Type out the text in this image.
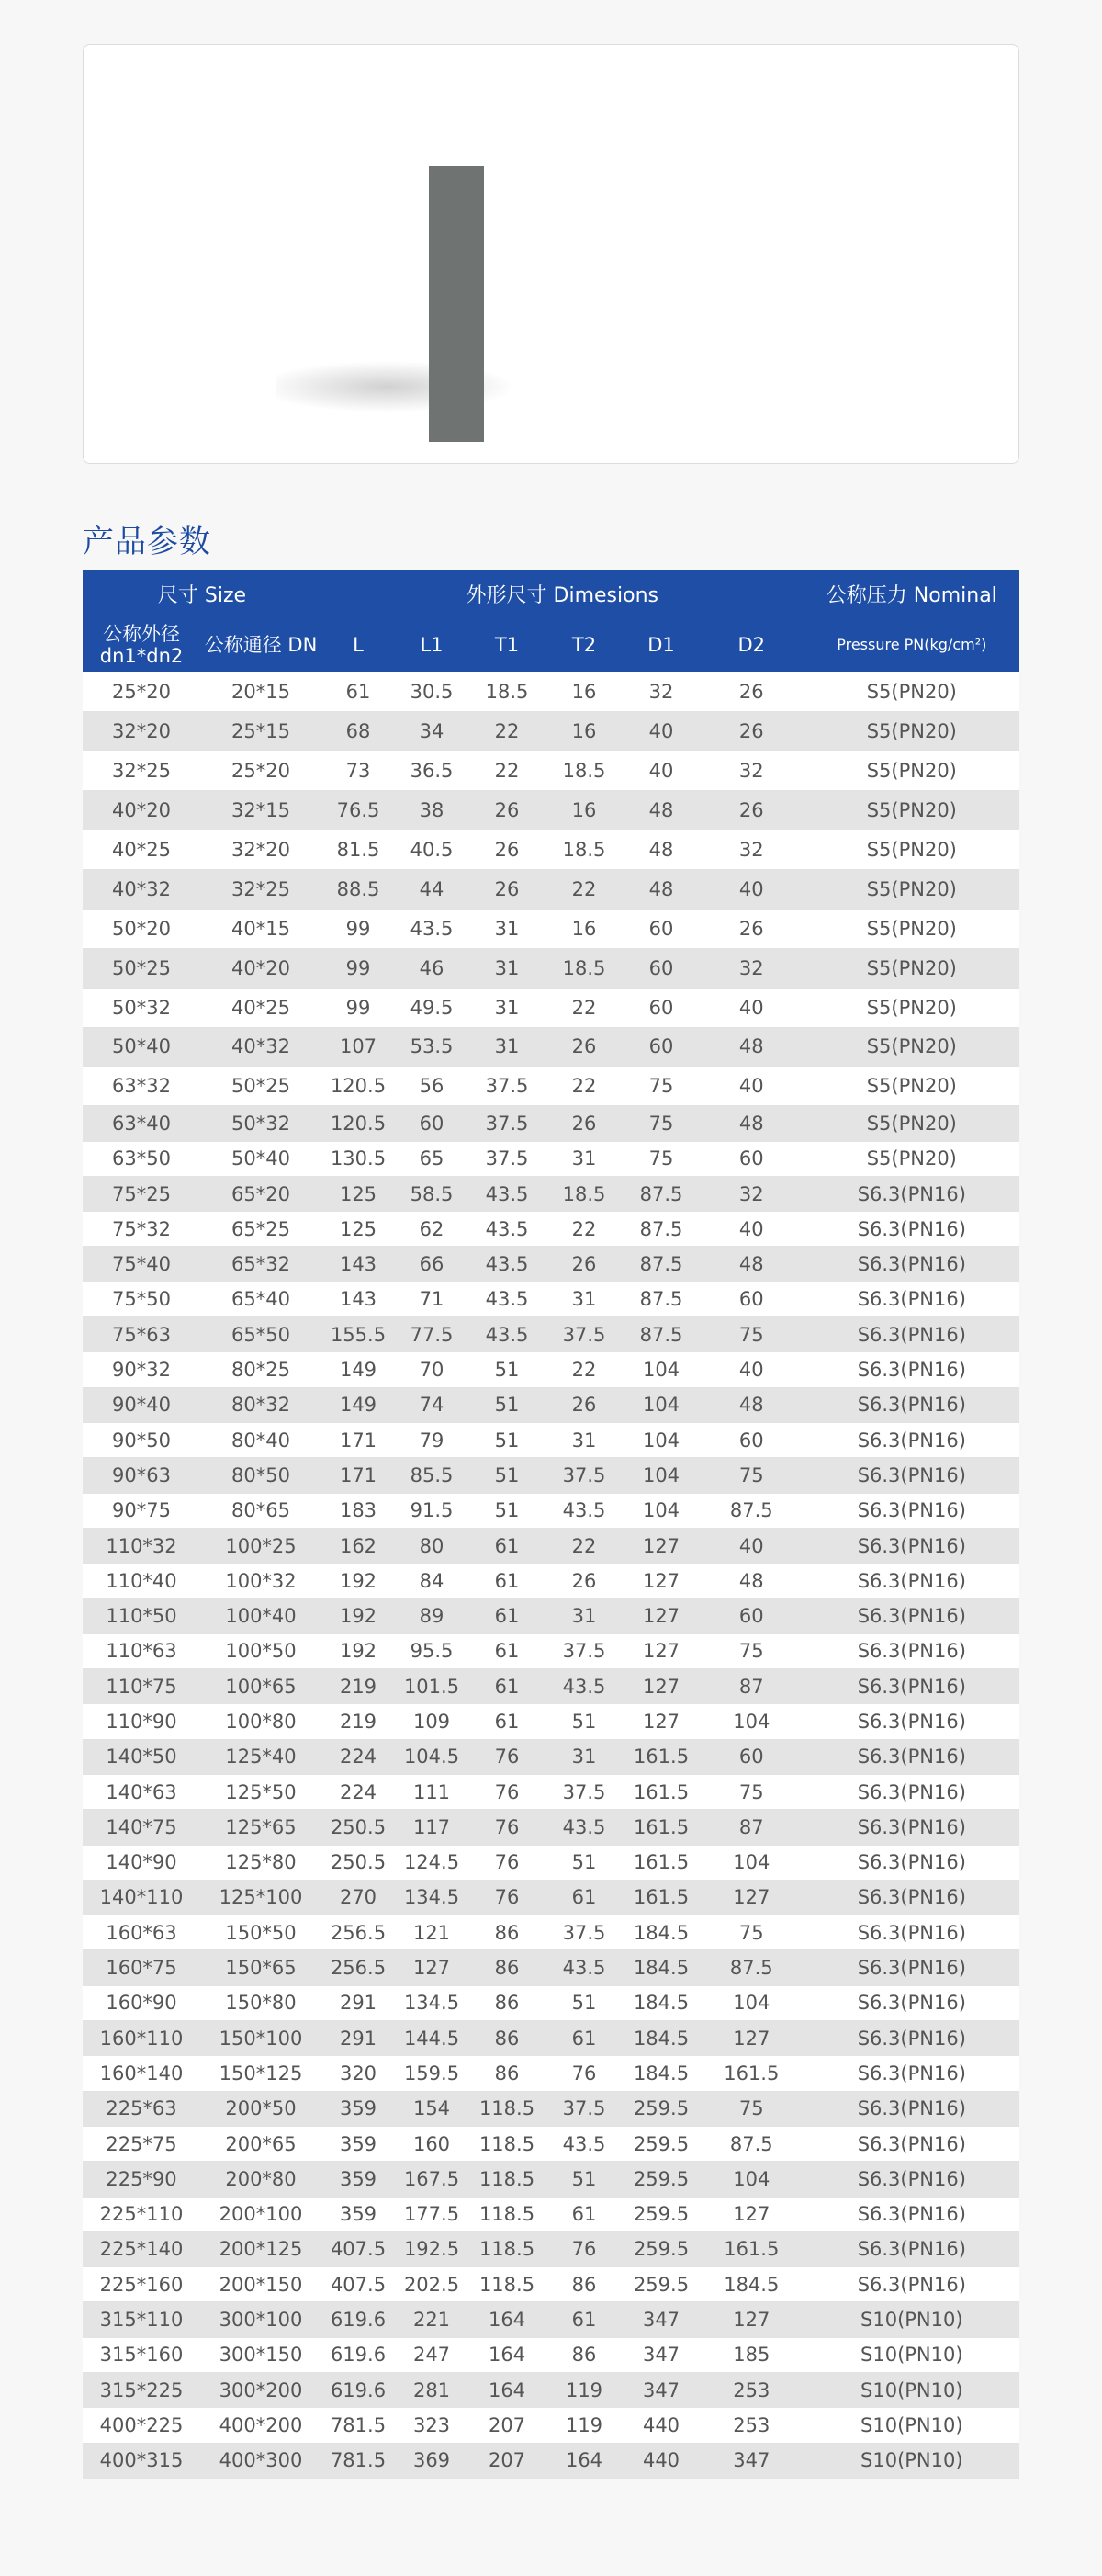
产品参数
尺寸 Size		外形尺寸 Dimesions						公称压力 Nominal
公称外径 dn1*dn2	公称通径 DN	L	L1	T1	T2	D1	D2	Pressure PN(kg/cm²)
25*20	20*15	61	30.5	18.5	16	32	26	S5(PN20)
32*20	25*15	68	34	22	16	40	26	S5(PN20)
32*25	25*20	73	36.5	22	18.5	40	32	S5(PN20)
40*20	32*15	76.5	38	26	16	48	26	S5(PN20)
40*25	32*20	81.5	40.5	26	18.5	48	32	S5(PN20)
40*32	32*25	88.5	44	26	22	48	40	S5(PN20)
50*20	40*15	99	43.5	31	16	60	26	S5(PN20)
50*25	40*20	99	46	31	18.5	60	32	S5(PN20)
50*32	40*25	99	49.5	31	22	60	40	S5(PN20)
50*40	40*32	107	53.5	31	26	60	48	S5(PN20)
63*32	50*25	120.5	56	37.5	22	75	40	S5(PN20)
63*40	50*32	120.5	60	37.5	26	75	48	S5(PN20)
63*50	50*40	130.5	65	37.5	31	75	60	S5(PN20)
75*25	65*20	125	58.5	43.5	18.5	87.5	32	S6.3(PN16)
75*32	65*25	125	62	43.5	22	87.5	40	S6.3(PN16)
75*40	65*32	143	66	43.5	26	87.5	48	S6.3(PN16)
75*50	65*40	143	71	43.5	31	87.5	60	S6.3(PN16)
75*63	65*50	155.5	77.5	43.5	37.5	87.5	75	S6.3(PN16)
90*32	80*25	149	70	51	22	104	40	S6.3(PN16)
90*40	80*32	149	74	51	26	104	48	S6.3(PN16)
90*50	80*40	171	79	51	31	104	60	S6.3(PN16)
90*63	80*50	171	85.5	51	37.5	104	75	S6.3(PN16)
90*75	80*65	183	91.5	51	43.5	104	87.5	S6.3(PN16)
110*32	100*25	162	80	61	22	127	40	S6.3(PN16)
110*40	100*32	192	84	61	26	127	48	S6.3(PN16)
110*50	100*40	192	89	61	31	127	60	S6.3(PN16)
110*63	100*50	192	95.5	61	37.5	127	75	S6.3(PN16)
110*75	100*65	219	101.5	61	43.5	127	87	S6.3(PN16)
110*90	100*80	219	109	61	51	127	104	S6.3(PN16)
140*50	125*40	224	104.5	76	31	161.5	60	S6.3(PN16)
140*63	125*50	224	111	76	37.5	161.5	75	S6.3(PN16)
140*75	125*65	250.5	117	76	43.5	161.5	87	S6.3(PN16)
140*90	125*80	250.5	124.5	76	51	161.5	104	S6.3(PN16)
140*110	125*100	270	134.5	76	61	161.5	127	S6.3(PN16)
160*63	150*50	256.5	121	86	37.5	184.5	75	S6.3(PN16)
160*75	150*65	256.5	127	86	43.5	184.5	87.5	S6.3(PN16)
160*90	150*80	291	134.5	86	51	184.5	104	S6.3(PN16)
160*110	150*100	291	144.5	86	61	184.5	127	S6.3(PN16)
160*140	150*125	320	159.5	86	76	184.5	161.5	S6.3(PN16)
225*63	200*50	359	154	118.5	37.5	259.5	75	S6.3(PN16)
225*75	200*65	359	160	118.5	43.5	259.5	87.5	S6.3(PN16)
225*90	200*80	359	167.5	118.5	51	259.5	104	S6.3(PN16)
225*110	200*100	359	177.5	118.5	61	259.5	127	S6.3(PN16)
225*140	200*125	407.5	192.5	118.5	76	259.5	161.5	S6.3(PN16)
225*160	200*150	407.5	202.5	118.5	86	259.5	184.5	S6.3(PN16)
315*110	300*100	619.6	221	164	61	347	127	S10(PN10)
315*160	300*150	619.6	247	164	86	347	185	S10(PN10)
315*225	300*200	619.6	281	164	119	347	253	S10(PN10)
400*225	400*200	781.5	323	207	119	440	253	S10(PN10)
400*315	400*300	781.5	369	207	164	440	347	S10(PN10)
